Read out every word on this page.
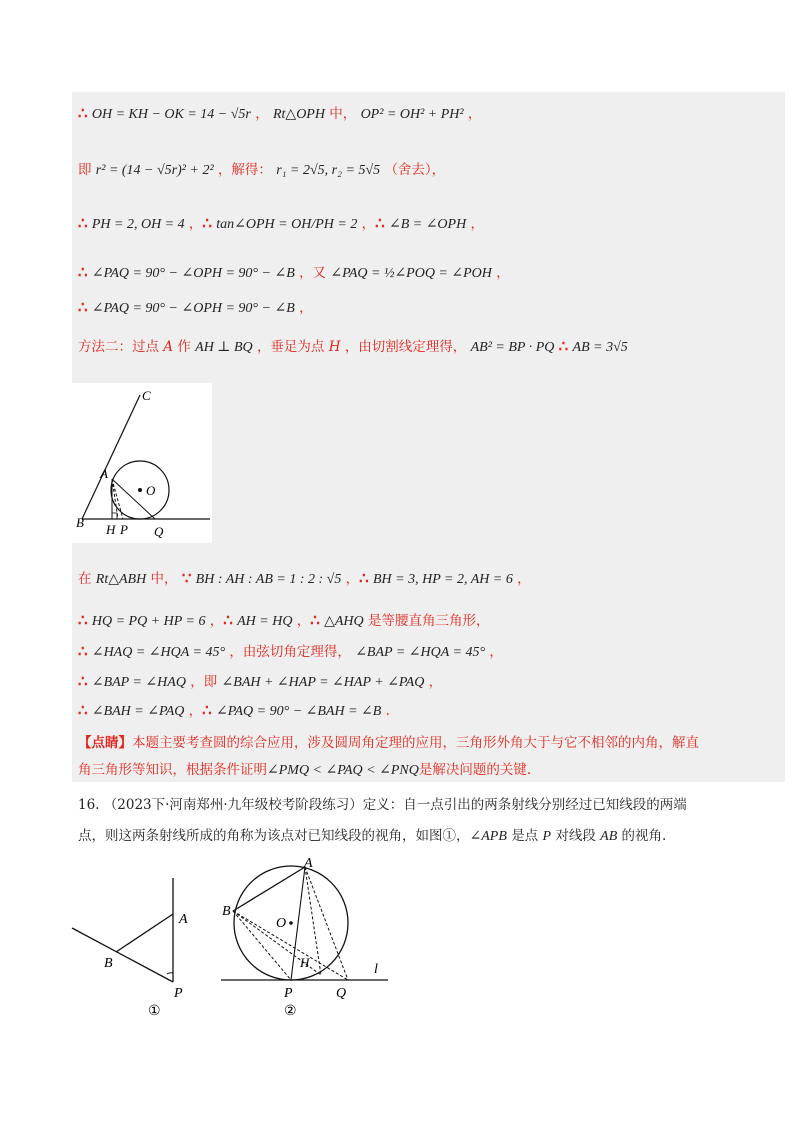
∴ OH = KH − OK = 14 − √5r ， Rt△OPH 中， OP² = OH² + PH² ，
即 r² = (14 − √5r)² + 2² ，解得： r₁ = 2√5, r₂ = 5√5 （舍去），
∴ PH = 2, OH = 4 ，∴ tan∠OPH = OH/PH = 2 ，∴ ∠B = ∠OPH ，
∴ ∠PAQ = 90° − ∠OPH = 90° − ∠B ，又 ∠PAQ = ½∠POQ = ∠POH ，
∴ ∠PAQ = 90° − ∠OPH = 90° − ∠B ，
方法二：过点 A 作 AH ⊥ BQ ，垂足为点 H ，由切割线定理得， AB² = BP · PQ ∴ AB = 3√5
C
A
O
B H P Q
在 Rt△ABH 中， ∵ BH : AH : AB = 1 : 2 : √5 ，∴ BH = 3, HP = 2, AH = 6 ，
∴ HQ = PQ + HP = 6 ，∴ AH = HQ ，∴ △AHQ 是等腰直角三角形，
∴ ∠HAQ = ∠HQA = 45° ，由弦切角定理得， ∠BAP = ∠HQA = 45° ，
∴ ∠BAP = ∠HAQ ，即 ∠BAH + ∠HAP = ∠HAP + ∠PAQ ，
∴ ∠BAH = ∠PAQ ，∴ ∠PAQ = 90° − ∠BAH = ∠B .
【点睛】本题主要考查圆的综合应用，涉及圆周角定理的应用，三角形外角大于与它不相邻的内角，解直
角三角形等知识，根据条件证明∠PMQ < ∠PAQ < ∠PNQ是解决问题的关键.
16. （2023下·河南郑州·九年级校考阶段练习）定义：自一点引出的两条射线分别经过已知线段的两端
点，则这两条射线所成的角称为该点对已知线段的视角，如图①，∠APB 是点 P 对线段 AB 的视角.
A
B
P
①
A
B
O
H
P	Q
l
②
